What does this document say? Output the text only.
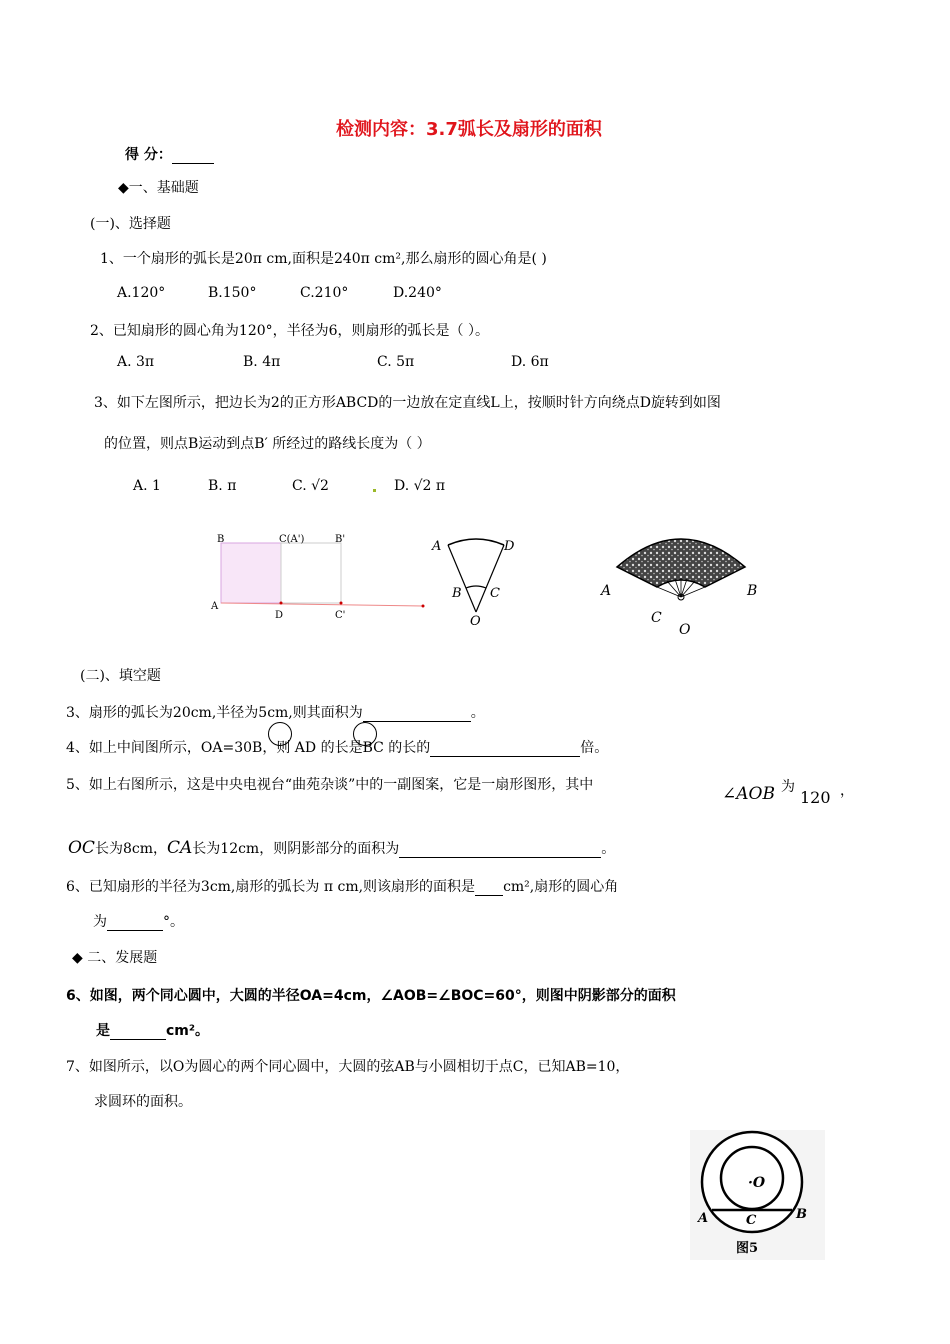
检测内容：3.7弧长及扇形的面积
得 分：
◆一、基础题
(一)、选择题
1、一个扇形的弧长是20π cm,面积是240π cm²,那么扇形的圆心角是( )
A.120°	B.150°	C.210°	D.240°
2、已知扇形的圆心角为120°，半径为6，则扇形的弧长是（ ）。
A. 3π	B. 4π	C. 5π	D. 6π
3、如下左图所示，把边长为2的正方形ABCD的一边放在定直线L上，按顺时针方向绕点D旋转到如图
的位置，则点B运动到点B′ 所经过的路线长度为（ ）
A. 1	B. π	C. √2	D. √2 π
B	C(A')	B'
A
D	C'
A	D
B C
O
A	B
C
O
(二)、填空题
3、扇形的弧长为20cm,半径为5cm,则其面积为	。
4、如上中间图所示，OA=30B，则 AD 的长是BC 的长的	倍。
5、如上右图所示，这是中央电视台“曲苑杂谈”中的一副图案，它是一扇形图形，其中	∠AOB 为
120 ，
OC长为8cm，CA长为12cm，则阴影部分的面积为	。
6、已知扇形的半径为3cm,扇形的弧长为 π cm,则该扇形的面积是 cm²,扇形的圆心角
为	°。
◆ 二、发展题
6、如图，两个同心圆中，大圆的半径OA=4cm，∠AOB=∠BOC=60°，则图中阴影部分的面积
是	cm²。
7、如图所示，以O为圆心的两个同心圆中，大圆的弦AB与小圆相切于点C，已知AB=10，
求圆环的面积。
·O
A	C	B
图5
